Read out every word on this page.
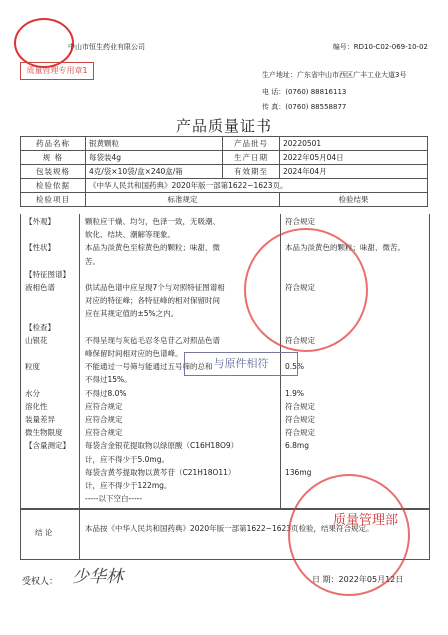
质量管理专用章1
中山市恒生药业有限公司	编号：RD10-C02-069-10-02
生产地址：广东省中山市西区广丰工业大道3号
电 话：(0760) 88816113
传 真：(0760) 88558877
产品质量证书
药品名称	银黄颗粒	产品批号	20220501
规 格	每袋装4g	生产日期	2022年05月04日
包装规格	4克/袋×10袋/盒×240盒/箱	有效期至	2024年04月
检验依据	《中华人民共和国药典》2020年版一部第1622~1623页。		
检验项目	标准规定		检验结果
【外观】	颗粒应干燥、均匀，色泽一致，无吸潮、	符合规定
软化、结块、潮解等现象。
【性状】	本品为淡黄色至棕黄色的颗粒；味甜、微	本品为淡黄色的颗粒；味甜、微苦。
苦。
【特征图谱】
液相色谱	供试品色谱中应呈现7个与对照特征图谱相	符合规定
对应的特征峰；各特征峰的相对保留时间
应在其规定值的±5%之内。
【检查】
山银花	不得呈现与灰毡毛忍冬皂苷乙对照品色谱	符合规定
峰保留时间相对应的色谱峰。
粒度	不能通过一号筛与能通过五号筛的总和	0.5%
不得过15%。
水分	不得过8.0%	1.9%
溶化性	应符合规定	符合规定
装量差异	应符合规定	符合规定
微生物限度	应符合规定	符合规定
【含量测定】 每袋含金银花提取物以绿原酸（C16H18O9）	6.8mg
计，应不得少于5.0mg。
每袋含黄芩提取物以黄芩苷（C21H18O11）	136mg
计，应不得少于122mg。
-----以下空白-----
结 论	本品按《中华人民共和国药典》2020年版一部第1622~1623页检验，结果符合规定。
质量管理部
受权人： 少华林	日 期：2022年05月12日
与原件相符
